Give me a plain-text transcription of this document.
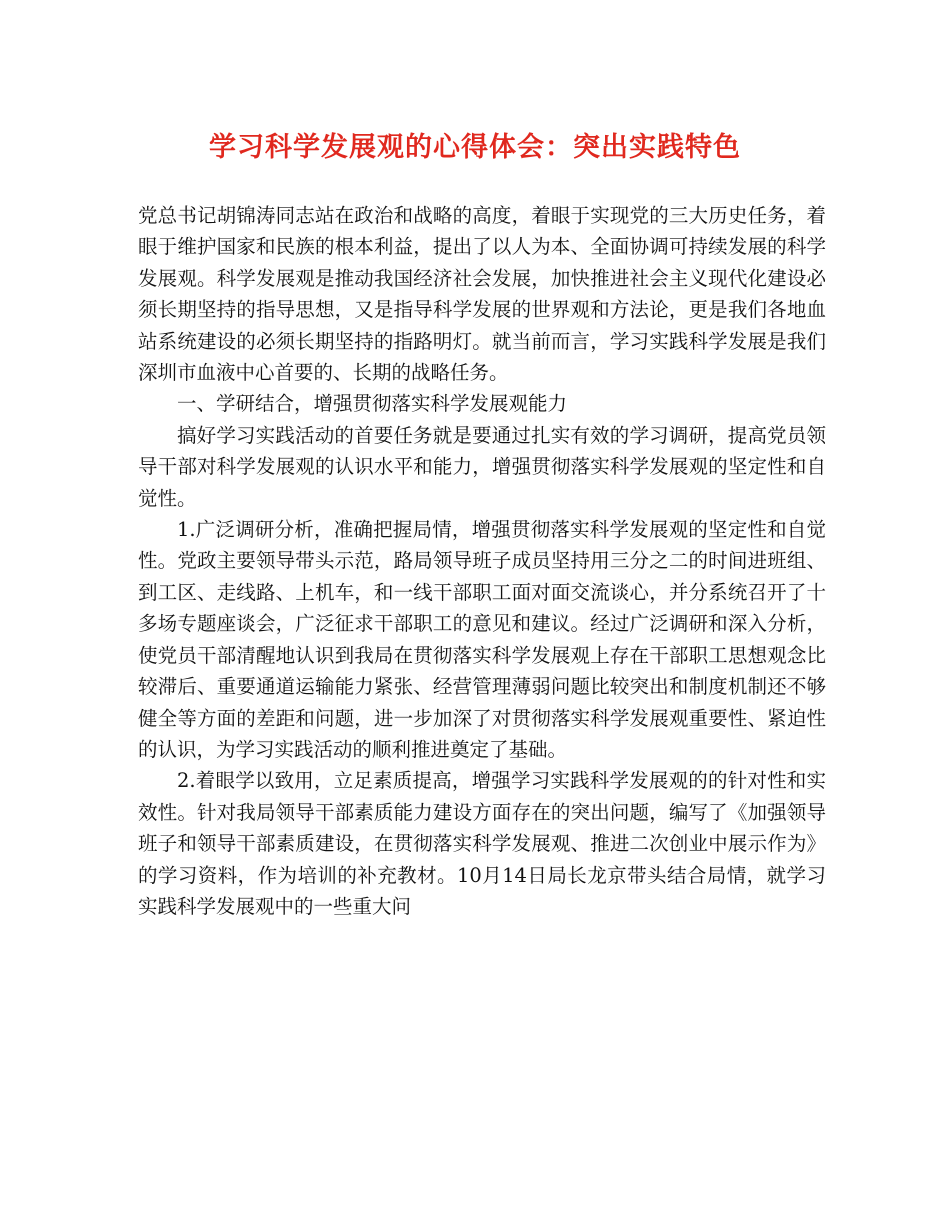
学习科学发展观的心得体会：突出实践特色

党总书记胡锦涛同志站在政治和战略的高度，着眼于实现党的三大历史任务，着眼于维护国家和民族的根本利益，提出了以人为本、全面协调可持续发展的科学发展观。科学发展观是推动我国经济社会发展，加快推进社会主义现代化建设必须长期坚持的指导思想，又是指导科学发展的世界观和方法论，更是我们各地血站系统建设的必须长期坚持的指路明灯。就当前而言，学习实践科学发展是我们深圳市血液中心首要的、长期的战略任务。

一、学研结合，增强贯彻落实科学发展观能力

搞好学习实践活动的首要任务就是要通过扎实有效的学习调研，提高党员领导干部对科学发展观的认识水平和能力，增强贯彻落实科学发展观的坚定性和自觉性。

1.广泛调研分析，准确把握局情，增强贯彻落实科学发展观的坚定性和自觉性。党政主要领导带头示范，路局领导班子成员坚持用三分之二的时间进班组、到工区、走线路、上机车，和一线干部职工面对面交流谈心，并分系统召开了十多场专题座谈会，广泛征求干部职工的意见和建议。经过广泛调研和深入分析，使党员干部清醒地认识到我局在贯彻落实科学发展观上存在干部职工思想观念比较滞后、重要通道运输能力紧张、经营管理薄弱问题比较突出和制度机制还不够健全等方面的差距和问题，进一步加深了对贯彻落实科学发展观重要性、紧迫性的认识，为学习实践活动的顺利推进奠定了基础。

2.着眼学以致用，立足素质提高，增强学习实践科学发展观的的针对性和实效性。针对我局领导干部素质能力建设方面存在的突出问题，编写了《加强领导班子和领导干部素质建设，在贯彻落实科学发展观、推进二次创业中展示作为》的学习资料，作为培训的补充教材。10月14日局长龙京带头结合局情，就学习实践科学发展观中的一些重大问
